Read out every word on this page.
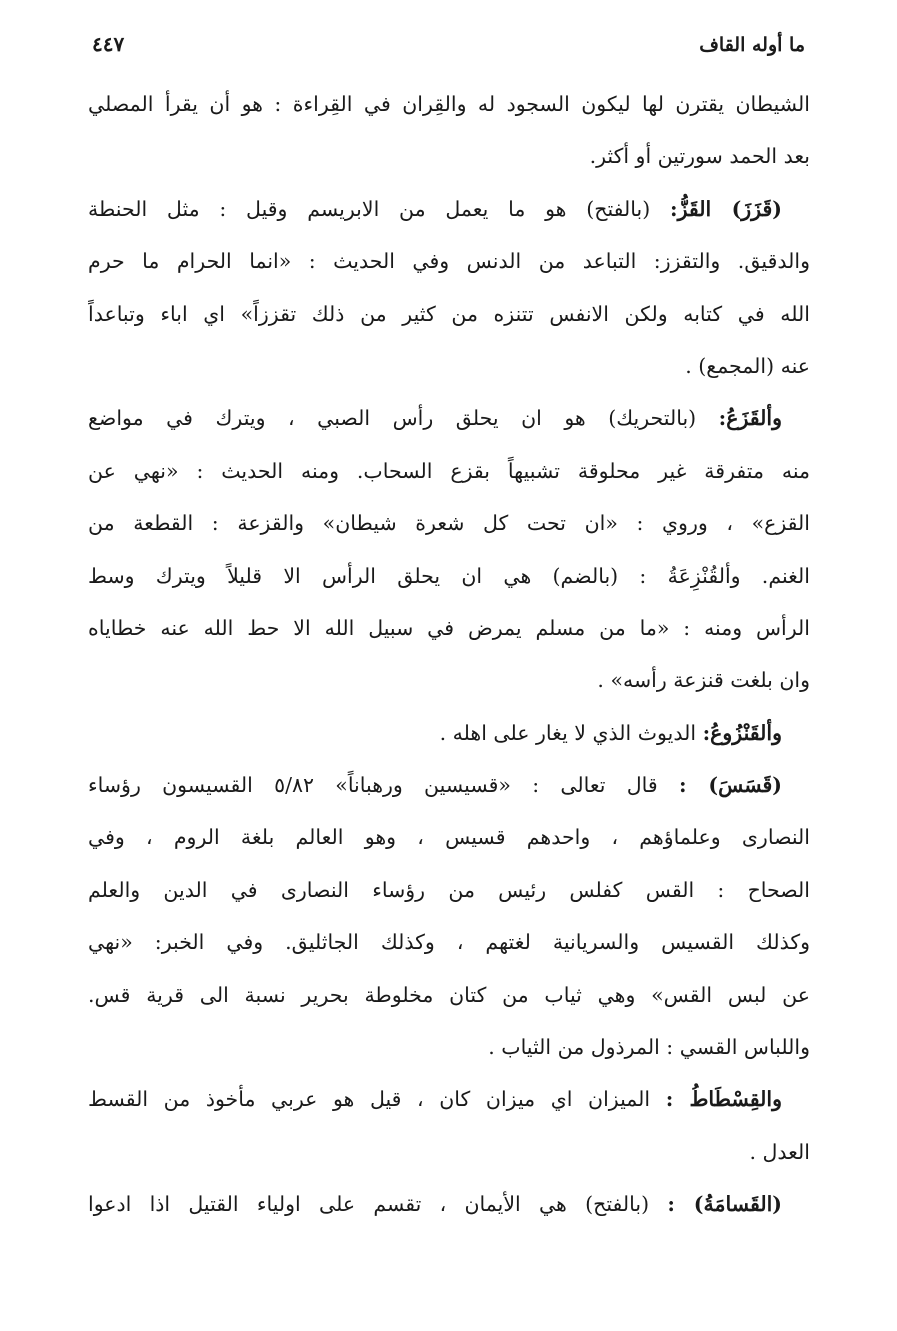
ما أوله القاف
٤٤٧
الشيطان يقترن لها ليكون السجود له والقِران في القِراءة : هو أن يقرأ المصلي
بعد الحمد سورتين أو أكثر.
(قَزَزَ) القَزُّ: (بالفتح) هو ما يعمل من الابريسم وقيل : مثل الحنطة
والدقيق. والتقزز: التباعد من الدنس وفي الحديث : «انما الحرام ما حرم
الله في كتابه ولكن الانفس تتنزه من كثير من ذلك تقززاً» اي اباء وتباعداً
عنه (المجمع) .
وألقَزَعُ: (بالتحريك) هو ان يحلق رأس الصبي ، ويترك في مواضع
منه متفرقة غير محلوقة تشبيهاً بقزع السحاب. ومنه الحديث : «نهي عن
القزع» ، وروي : «ان تحت كل شعرة شيطان» والقزعة : القطعة من
الغنم. وألقُنْزِعَةُ : (بالضم) هي ان يحلق الرأس الا قليلاً ويترك وسط
الرأس ومنه : «ما من مسلم يمرض في سبيل الله الا حط الله عنه خطاياه
وان بلغت قنزعة رأسه» .
وألقَنْزُوعُ: الديوث الذي لا يغار على اهله .
(قَسَسَ) : قال تعالى : «قسيسين ورهباناً» ٥/٨٢ القسيسون رؤساء
النصارى وعلماؤهم ، واحدهم قسيس ، وهو العالم بلغة الروم ، وفي
الصحاح : القس كفلس رئيس من رؤساء النصارى في الدين والعلم
وكذلك القسيس والسريانية لغتهم ، وكذلك الجاثليق. وفي الخبر: «نهي
عن لبس القس» وهي ثياب من كتان مخلوطة بحرير نسبة الى قرية قس.
واللباس القسي : المرذول من الثياب .
والقِسْطَاطُ : الميزان اي ميزان كان ، قيل هو عربي مأخوذ من القسط
العدل .
(القَسامَةُ) : (بالفتح) هي الأيمان ، تقسم على اولياء القتيل اذا ادعوا
